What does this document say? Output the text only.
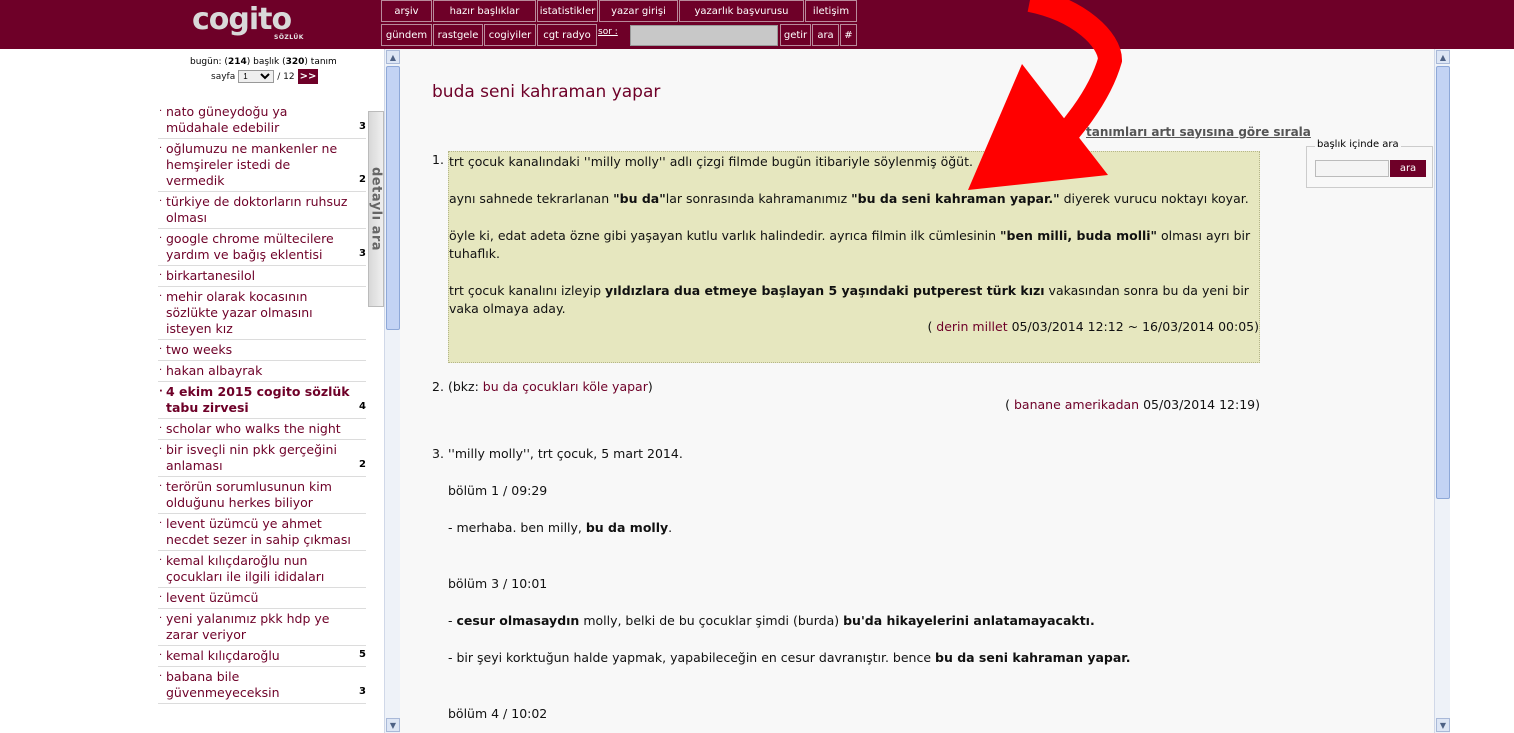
cogito
SÖZLÜK
arşiv	hazır başlıklar	istatistikler	yazar girişi	yazarlık başvurusu	iletişim
gündem	rastgele	cogiyiler	cgt radyo sor :	getir	ara	#
bugün: (214) başlık (320) tanım
sayfa
1	/ 12 >>
· nato güneydoğu ya müdahale edebilir	3
· oğlumuzu ne mankenler ne hemşireler istedi de vermedik	2
· türkiye de doktorların ruhsuz olması
· google chrome mültecilere yardım ve bağış eklentisi	3
· birkartanesilol
· mehir olarak kocasının sözlükte yazar olmasını isteyen kız
· two weeks
· hakan albayrak
· 4 ekim 2015 cogito sözlük tabu zirvesi	4
· scholar who walks the night
· bir isveçli nin pkk gerçeğini anlaması	2
· terörün sorumlusunun kim olduğunu herkes biliyor
· levent üzümcü ye ahmet necdet sezer in sahip çıkması
· kemal kılıçdaroğlu nun çocukları ile ilgili ididaları
· levent üzümcü
· yeni yalanımız pkk hdp ye zarar veriyor
· kemal kılıçdaroğlu	5
· babana bile güvenmeyeceksin	3
detaylı ara
▲
▼
buda seni kahraman yapar
tanımları artı sayısına göre sırala
başlık içinde ara
ara
1. trt çocuk kanalındaki ''milly molly'' adlı çizgi filmde bugün itibariyle söylenmiş öğüt.

aynı sahnede tekrarlanan "bu da"lar sonrasında kahramanımız "bu da seni kahraman yapar." diyerek vurucu noktayı koyar.

öyle ki, edat adeta özne gibi yaşayan kutlu varlık halindedir. ayrıca filmin ilk cümlesinin "ben milli, buda molli" olması ayrı bir tuhaflık.

trt çocuk kanalını izleyip yıldızlara dua etmeye başlayan 5 yaşındaki putperest türk kızı vakasından sonra bu da yeni bir vaka olmaya aday.

( derin millet 05/03/2014 12:12 ~ 16/03/2014 00:05)
2. (bkz: bu da çocukları köle yapar)
( banane amerikadan 05/03/2014 12:19)
3. ''milly molly'', trt çocuk, 5 mart 2014.

bölüm 1 / 09:29

- merhaba. ben milly, bu da molly.

bölüm 3 / 10:01

- cesur olmasaydın molly, belki de bu çocuklar şimdi (burda) bu'da hikayelerini anlatamayacaktı.

- bir şeyi korktuğun halde yapmak, yapabileceğin en cesur davranıştır. bence bu da seni kahraman yapar.

bölüm 4 / 10:02

▲
▼
